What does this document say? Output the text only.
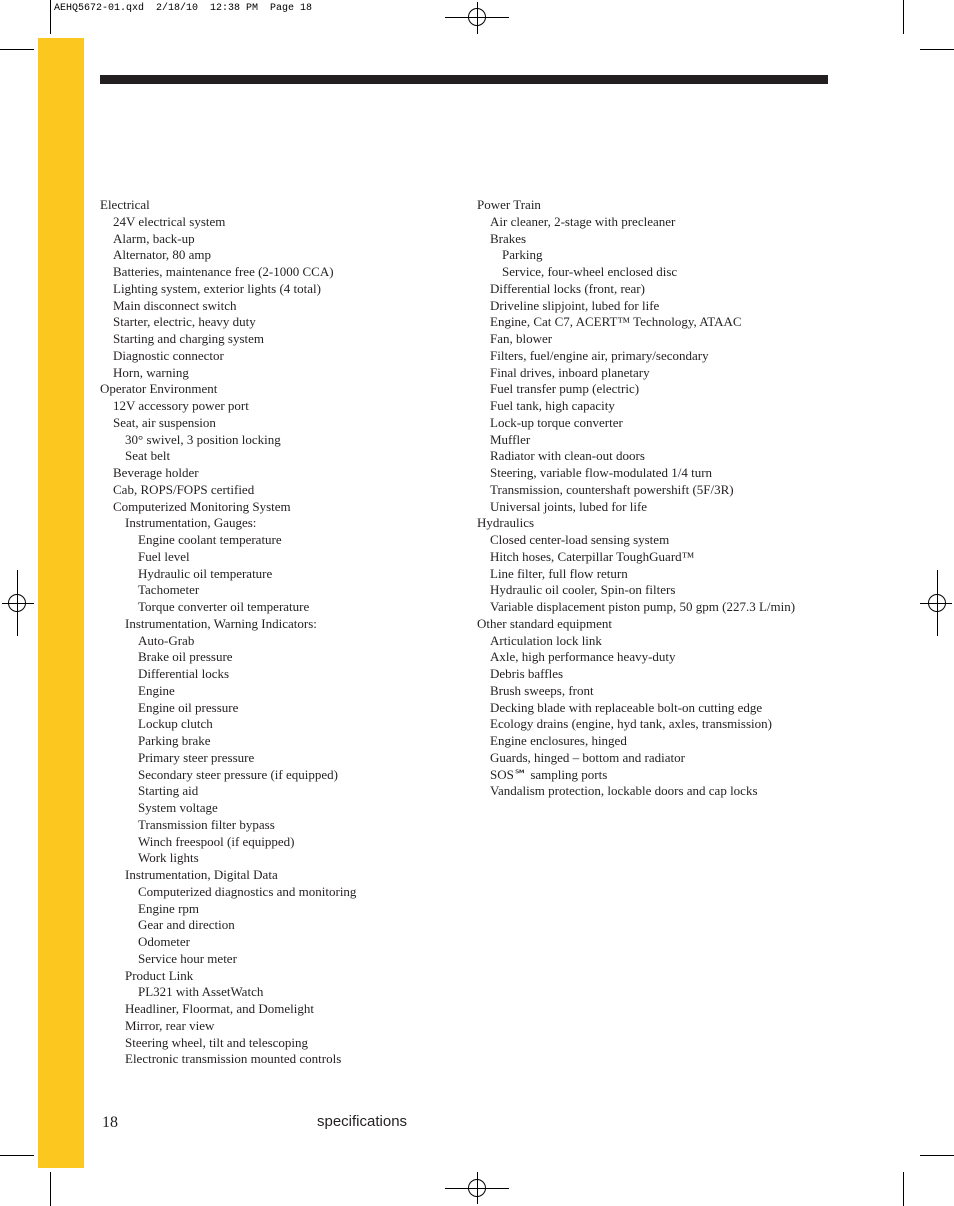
AEHQ5672-01.qxd  2/18/10  12:38 PM  Page 18
Electrical
24V electrical system
Alarm, back-up
Alternator, 80 amp
Batteries, maintenance free (2-1000 CCA)
Lighting system, exterior lights (4 total)
Main disconnect switch
Starter, electric, heavy duty
Starting and charging system
Diagnostic connector
Horn, warning
Operator Environment
12V accessory power port
Seat, air suspension
30° swivel, 3 position locking
Seat belt
Beverage holder
Cab, ROPS/FOPS certified
Computerized Monitoring System
Instrumentation, Gauges:
Engine coolant temperature
Fuel level
Hydraulic oil temperature
Tachometer
Torque converter oil temperature
Instrumentation, Warning Indicators:
Auto-Grab
Brake oil pressure
Differential locks
Engine
Engine oil pressure
Lockup clutch
Parking brake
Primary steer pressure
Secondary steer pressure (if equipped)
Starting aid
System voltage
Transmission filter bypass
Winch freespool (if equipped)
Work lights
Instrumentation, Digital Data
Computerized diagnostics and monitoring
Engine rpm
Gear and direction
Odometer
Service hour meter
Product Link
PL321 with AssetWatch
Headliner, Floormat, and Domelight
Mirror, rear view
Steering wheel, tilt and telescoping
Electronic transmission mounted controls
Power Train
Air cleaner, 2-stage with precleaner
Brakes
Parking
Service, four-wheel enclosed disc
Differential locks (front, rear)
Driveline slipjoint, lubed for life
Engine, Cat C7, ACERT™ Technology, ATAAC
Fan, blower
Filters, fuel/engine air, primary/secondary
Final drives, inboard planetary
Fuel transfer pump (electric)
Fuel tank, high capacity
Lock-up torque converter
Muffler
Radiator with clean-out doors
Steering, variable flow-modulated 1/4 turn
Transmission, countershaft powershift (5F/3R)
Universal joints, lubed for life
Hydraulics
Closed center-load sensing system
Hitch hoses, Caterpillar ToughGuard™
Line filter, full flow return
Hydraulic oil cooler, Spin-on filters
Variable displacement piston pump, 50 gpm (227.3 L/min)
Other standard equipment
Articulation lock link
Axle, high performance heavy-duty
Debris baffles
Brush sweeps, front
Decking blade with replaceable bolt-on cutting edge
Ecology drains (engine, hyd tank, axles, transmission)
Engine enclosures, hinged
Guards, hinged – bottom and radiator
SOS℠ sampling ports
Vandalism protection, lockable doors and cap locks
18	specifications
